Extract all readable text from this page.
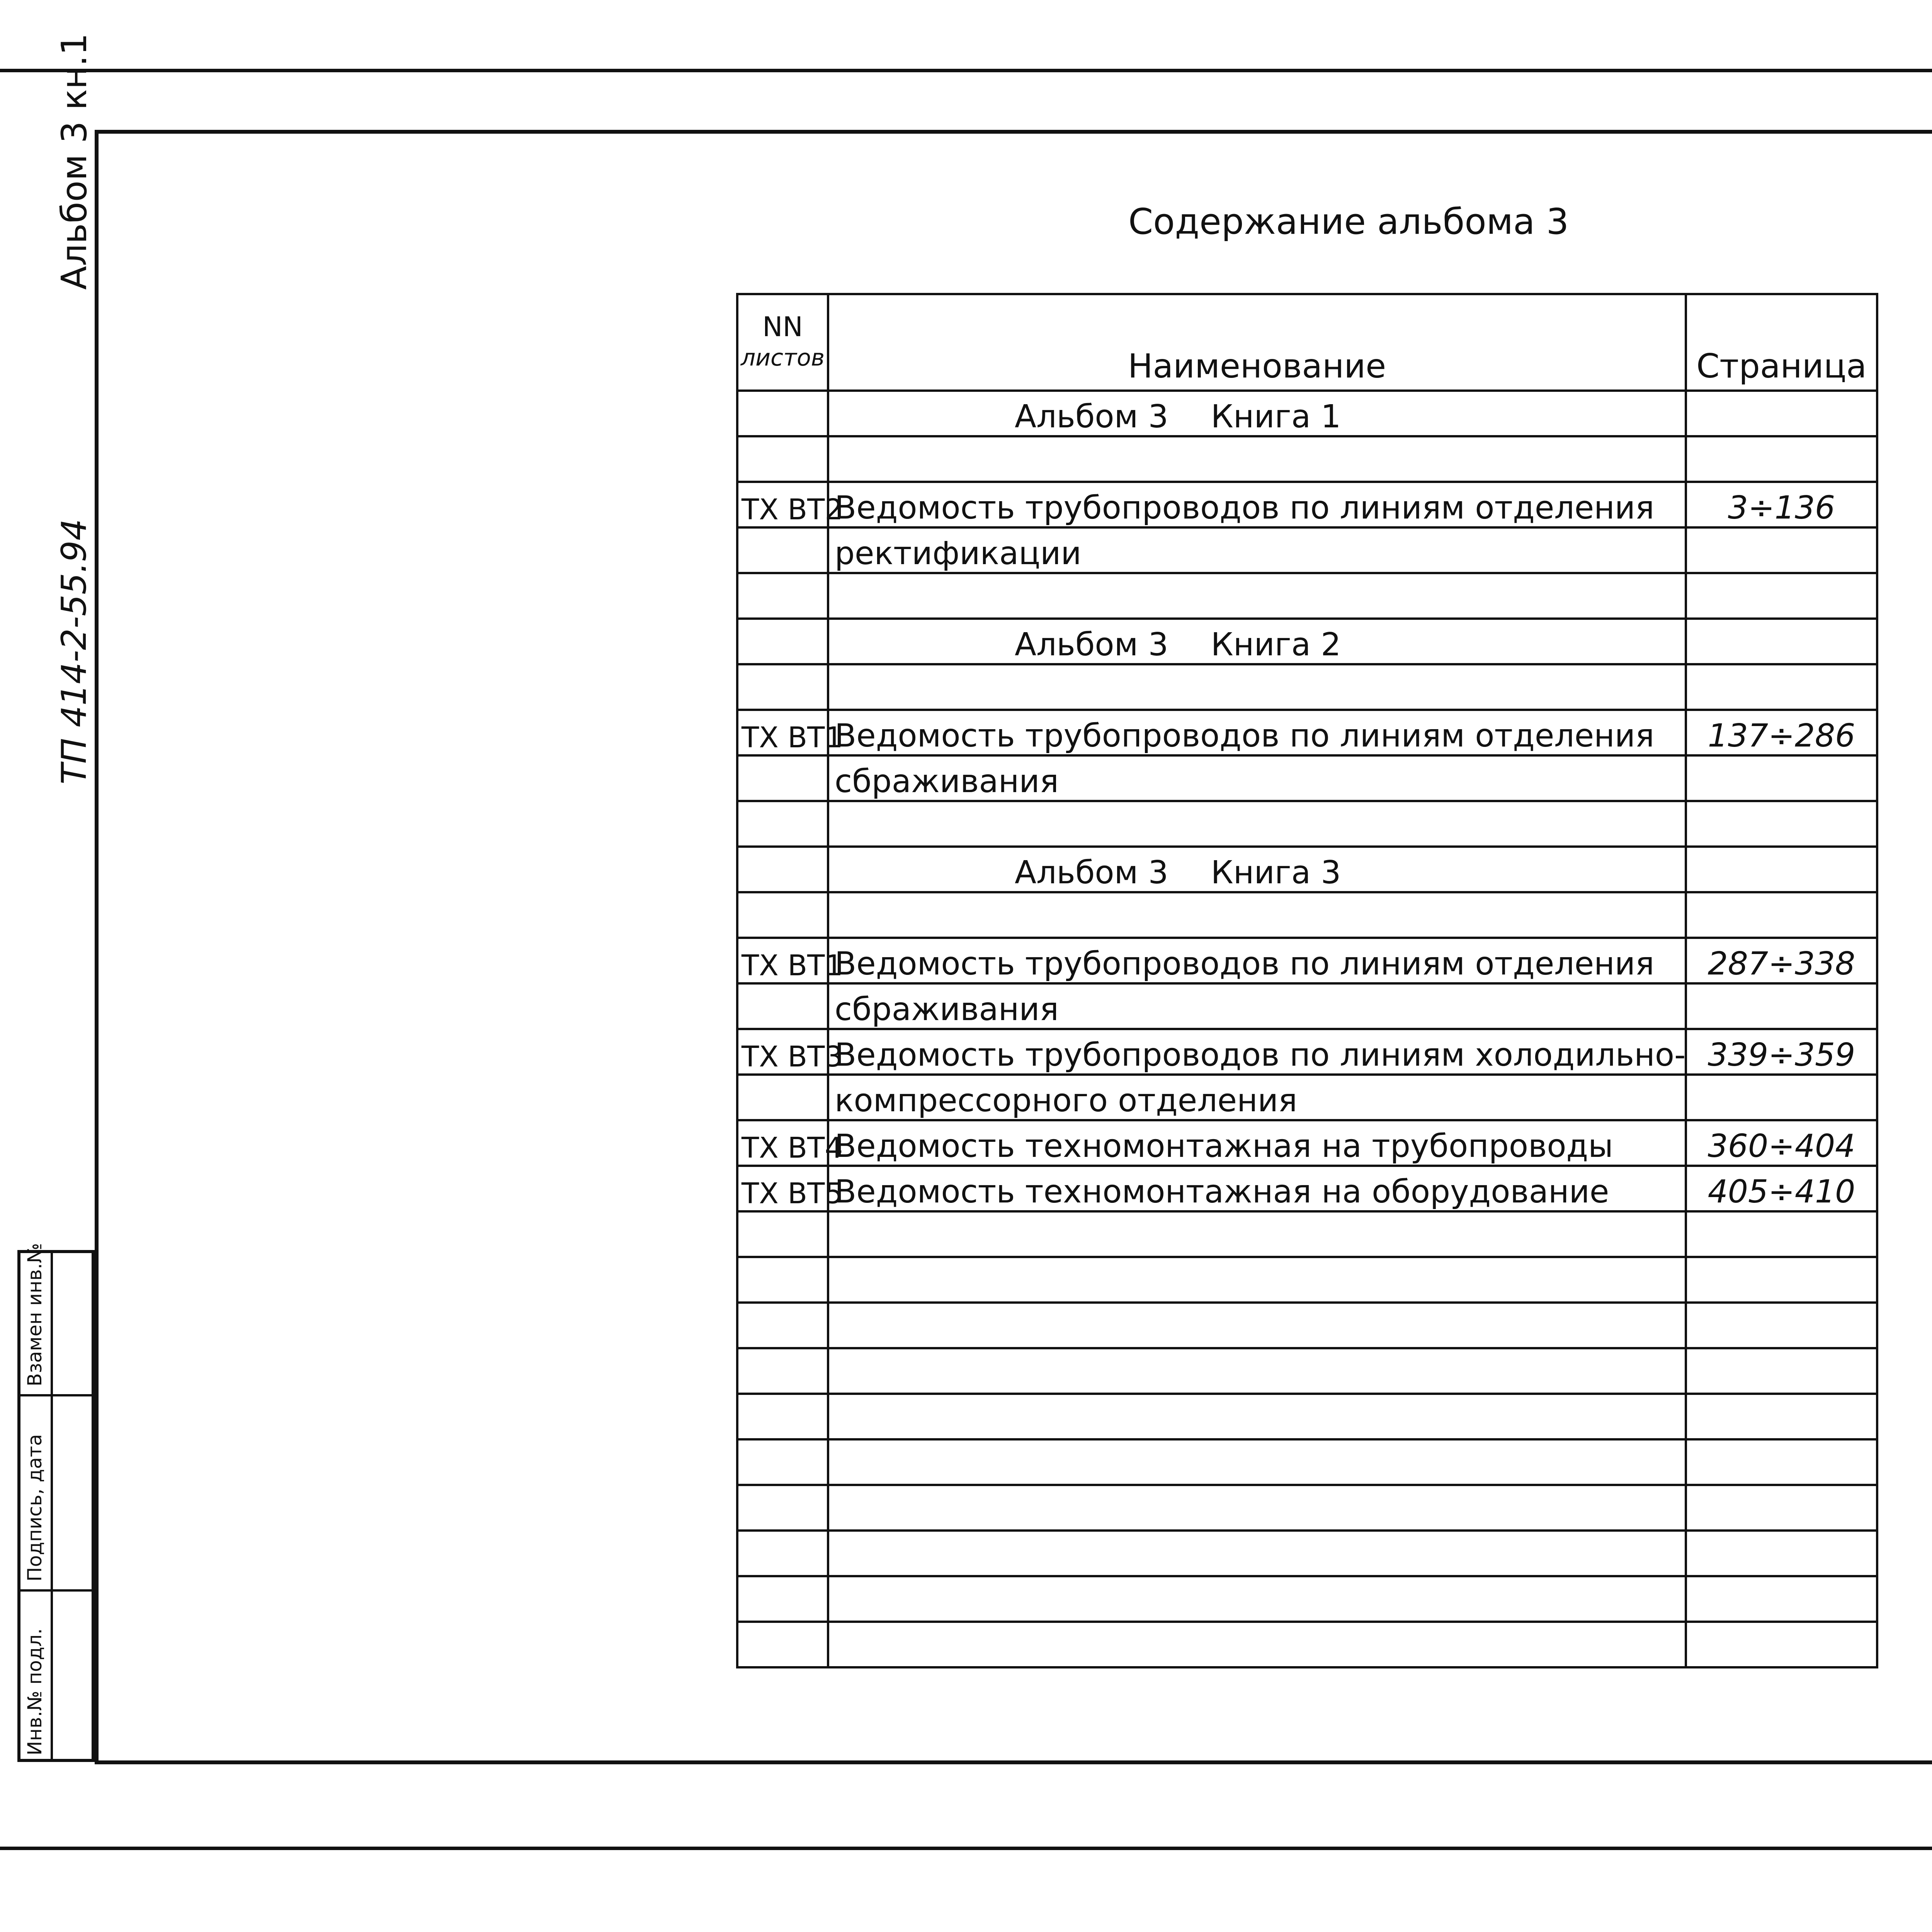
Альбом 3 кн.1
ТП 414-2-55.94
Взамен инв.№
Подпись, дата
Инв.№ подл.
Содержание альбома 3
NN
листов	Наименование	Страница
	Альбом 3 Книга 1	

ТХ ВТ2	Ведомость трубопроводов по линиям отделения	3÷136
	ректификации	

	Альбом 3 Книга 2	

ТХ ВТ1	Ведомость трубопроводов по линиям отделения	137÷286
	сбраживания	

	Альбом 3 Книга 3	

ТХ ВТ1	Ведомость трубопроводов по линиям отделения	287÷338
	сбраживания	
ТХ ВТ3	Ведомость трубопроводов по линиям холодильно-	339÷359
	компрессорного отделения	
ТХ ВТ4	Ведомость техномонтажная на трубопроводы	360÷404
ТХ ВТ5	Ведомость техномонтажная на оборудование	405÷410
